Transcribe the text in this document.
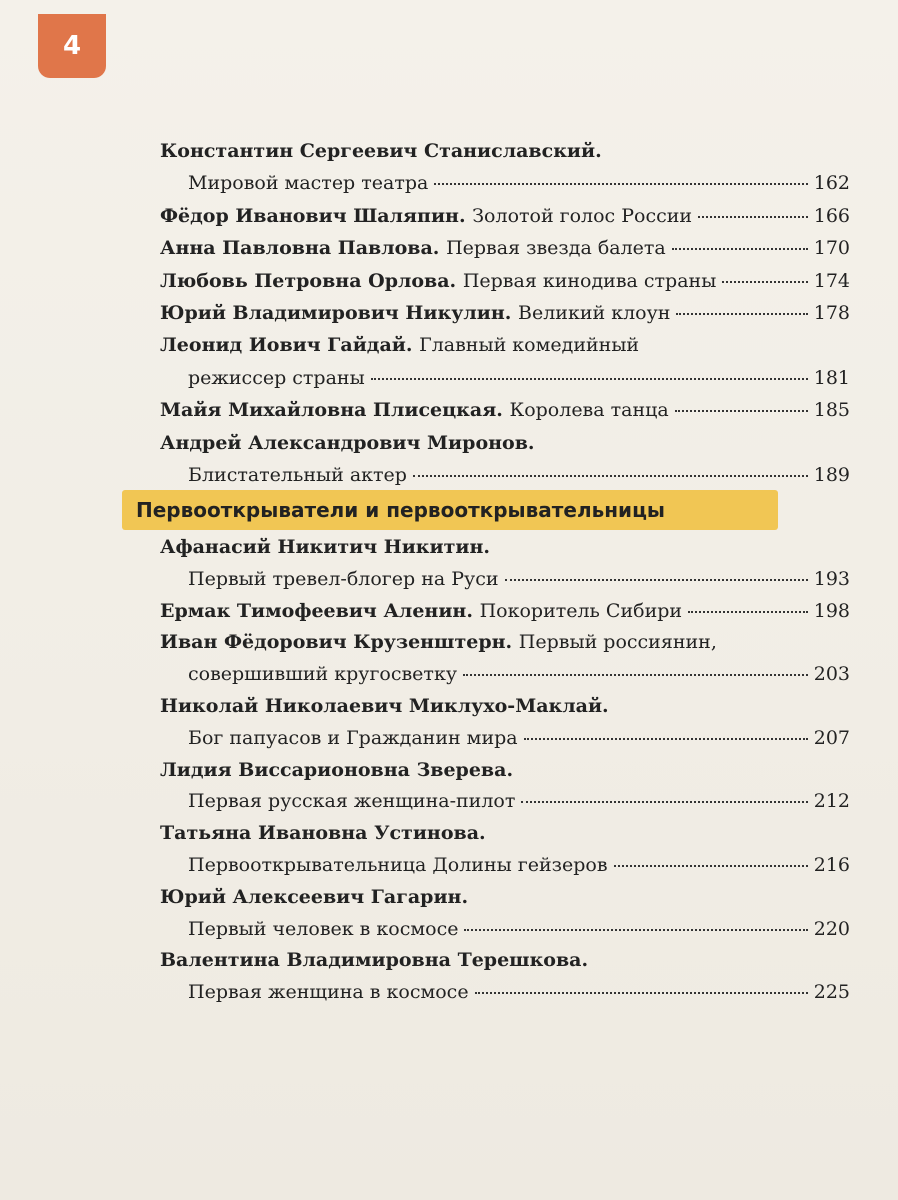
4
Первооткрыватели и первооткрывательницы
Константин Сергеевич Станиславский.
Мировой мастер театра	162
Фёдор Иванович Шаляпин. Золотой голос России	166
Анна Павловна Павлова. Первая звезда балета	170
Любовь Петровна Орлова. Первая кинодива страны	174
Юрий Владимирович Никулин. Великий клоун	178
Леонид Иович Гайдай. Главный комедийный
режиссер страны	181
Майя Михайловна Плисецкая. Королева танца	185
Андрей Александрович Миронов.
Блистательный актер	189
Афанасий Никитич Никитин.
Первый тревел-блогер на Руси	193
Ермак Тимофеевич Аленин. Покоритель Сибири	198
Иван Фёдорович Крузенштерн. Первый россиянин,
совершивший кругосветку	203
Николай Николаевич Миклухо-Маклай.
Бог папуасов и Гражданин мира	207
Лидия Виссарионовна Зверева.
Первая русская женщина-пилот	212
Татьяна Ивановна Устинова.
Первооткрывательница Долины гейзеров	216
Юрий Алексеевич Гагарин.
Первый человек в космосе	220
Валентина Владимировна Терешкова.
Первая женщина в космосе	225
